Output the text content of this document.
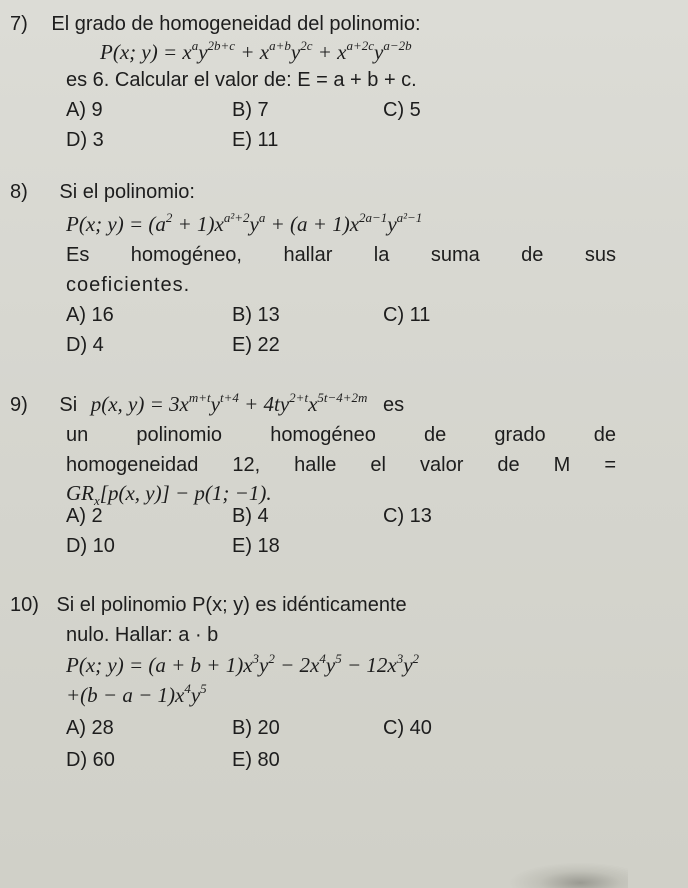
7) El grado de homogeneidad del polinomio:
P(x; $y) = x^ay^{2b+c} + x^{a+b}y^{2c} + x^{a+2c}y^{a-2b}$
es 6. Calcular el valor de: E = a + b + c.
A) 9	B) 7	C) 5
D) 3	E) 11
8) Si el polinomio:
P(x; $y) = (a^2 + 1)x^{a^2+2}y^a + (a + 1)x^{2a-1}y^{a^2-1}$
Es homogéneo, hallar la suma de sus
coeficientes.
A) 16	B) 13	C) 11
D) 4	E) 22
9) Si p(x, $y) = 3x^{m+t}y^{t+4} + 4ty^{2+t}x^{5t-4+2m}$ es
un polinomio homogéneo de grado de
homogeneidad 12, halle el valor de M =
$GR_x[p(x$, y)] − p(1; −1).
A) 2	B) 4	C) 13
D) 10	E) 18
10) Si el polinomio P(x; y) es idénticamente
nulo. Hallar: a · b
P(x; $y) = (a + b + 1)x^3y^2 - 2x^4y^5 - 12x^3y^2$
$+(b - a - 1)x^4y^5$
A) 28	B) 20	C) 40
D) 60	E) 80
